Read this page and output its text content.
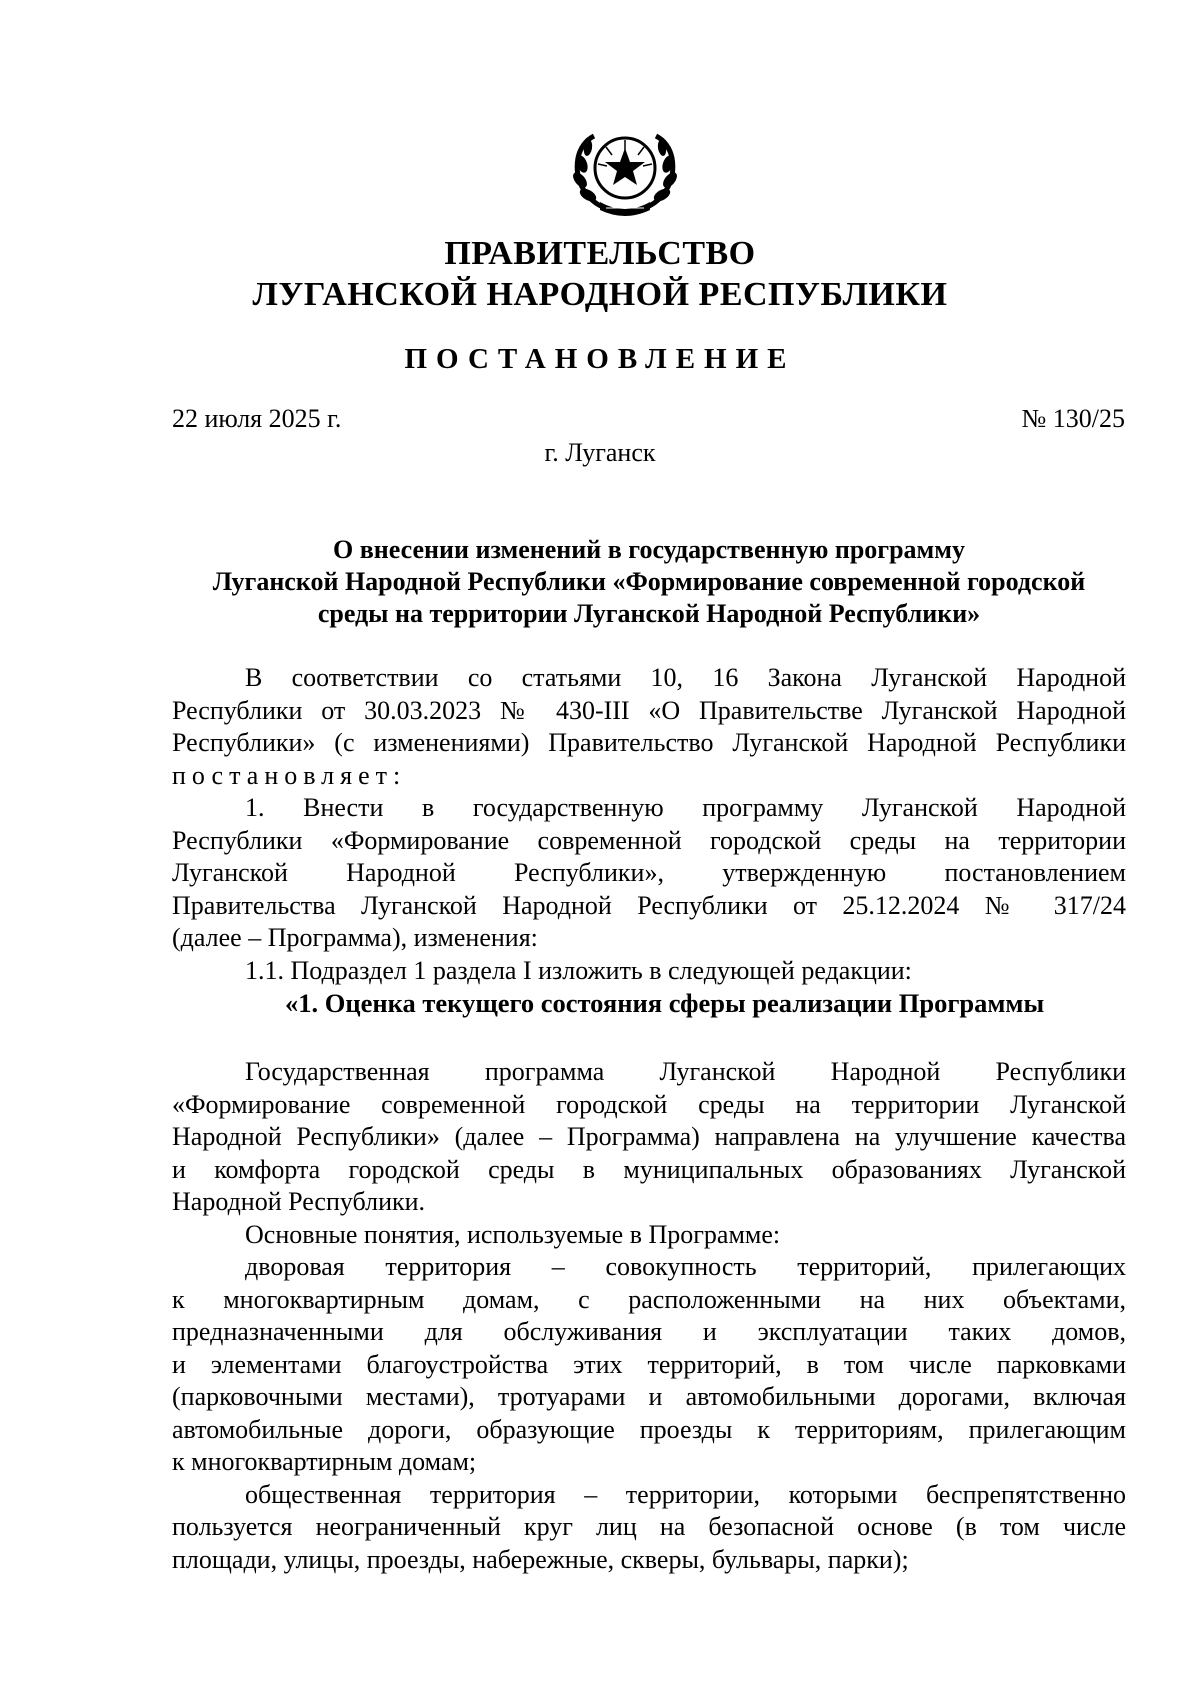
ПРАВИТЕЛЬСТВО
ЛУГАНСКОЙ НАРОДНОЙ РЕСПУБЛИКИ
ПОСТАНОВЛЕНИЕ
22 июля 2025 г.	№ 130/25
г. Луганск
О внесении изменений в государственную программу
Луганской Народной Республики «Формирование современной городской
среды на территории Луганской Народной Республики»
В соответствии со статьями 10, 16 Закона Луганской Народной
Республики от 30.03.2023 № 430-III «О Правительстве Луганской Народной
Республики» (с изменениями) Правительство Луганской Народной Республики
постановляет:
1. Внести в государственную программу Луганской Народной
Республики «Формирование современной городской среды на территории
Луганской Народной Республики», утвержденную постановлением
Правительства Луганской Народной Республики от 25.12.2024 № 317/24
(далее – Программа), изменения:
1.1. Подраздел 1 раздела I изложить в следующей редакции:
«1. Оценка текущего состояния сферы реализации Программы
Государственная программа Луганской Народной Республики
«Формирование современной городской среды на территории Луганской
Народной Республики» (далее – Программа) направлена на улучшение качества
и комфорта городской среды в муниципальных образованиях Луганской
Народной Республики.
Основные понятия, используемые в Программе:
дворовая территория – совокупность территорий, прилегающих
к многоквартирным домам, с расположенными на них объектами,
предназначенными для обслуживания и эксплуатации таких домов,
и элементами благоустройства этих территорий, в том числе парковками
(парковочными местами), тротуарами и автомобильными дорогами, включая
автомобильные дороги, образующие проезды к территориям, прилегающим
к многоквартирным домам;
общественная территория – территории, которыми беспрепятственно
пользуется неограниченный круг лиц на безопасной основе (в том числе
площади, улицы, проезды, набережные, скверы, бульвары, парки);
